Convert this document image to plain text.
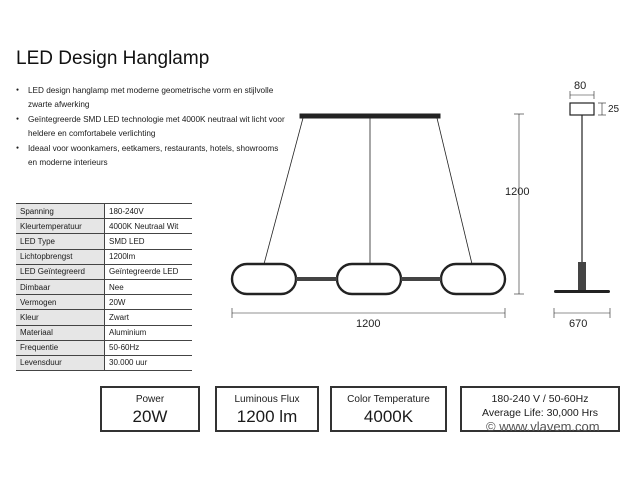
LED Design Hanglamp
● LED design hanglamp met moderne geometrische vorm en stijlvolle zwarte afwerking
● Geïntegreerde SMD LED technologie met 4000K neutraal wit licht voor heldere en comfortabele verlichting
● Ideaal voor woonkamers, eetkamers, restaurants, hotels, showrooms en moderne interieurs
Spanning	180-240V
Kleurtemperatuur	4000K Neutraal Wit
LED Type	SMD LED
Lichtopbrengst	1200lm
LED Geïntegreerd	Geïntegreerde LED
Dimbaar	Nee
Vermogen	20W
Kleur	Zwart
Materiaal	Aluminium
Frequentie	50-60Hz
Levensduur	30.000 uur
1200
1200
80
25
670
Power
20W
Luminous Flux
1200 lm
Color Temperature
4000K
180-240 V / 50-60Hz
Average Life: 30,000 Hrs
© www.vlavem.com
